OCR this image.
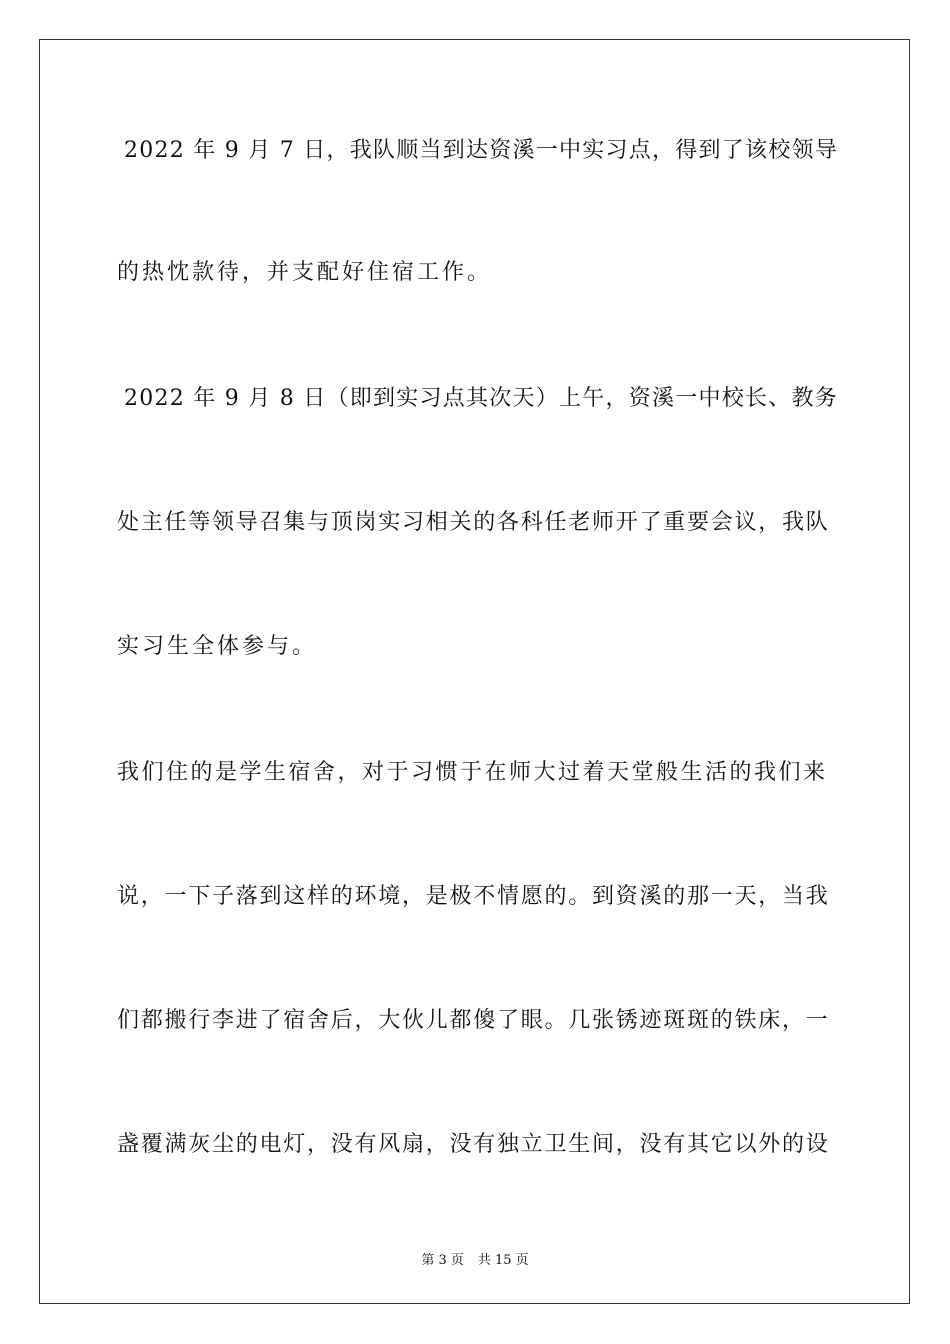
2022 年 9 月 7 日，我队顺当到达资溪一中实习点，得到了该校领导
的热忱款待，并支配好住宿工作。
2022 年 9 月 8 日（即到实习点其次天）上午，资溪一中校长、教务
处主任等领导召集与顶岗实习相关的各科任老师开了重要会议，我队
实习生全体参与。
我们住的是学生宿舍，对于习惯于在师大过着天堂般生活的我们来
说，一下子落到这样的环境，是极不情愿的。到资溪的那一天，当我
们都搬行李进了宿舍后，大伙儿都傻了眼。几张锈迹斑斑的铁床，一
盏覆满灰尘的电灯，没有风扇，没有独立卫生间，没有其它以外的设
第 3 页 共 15 页
